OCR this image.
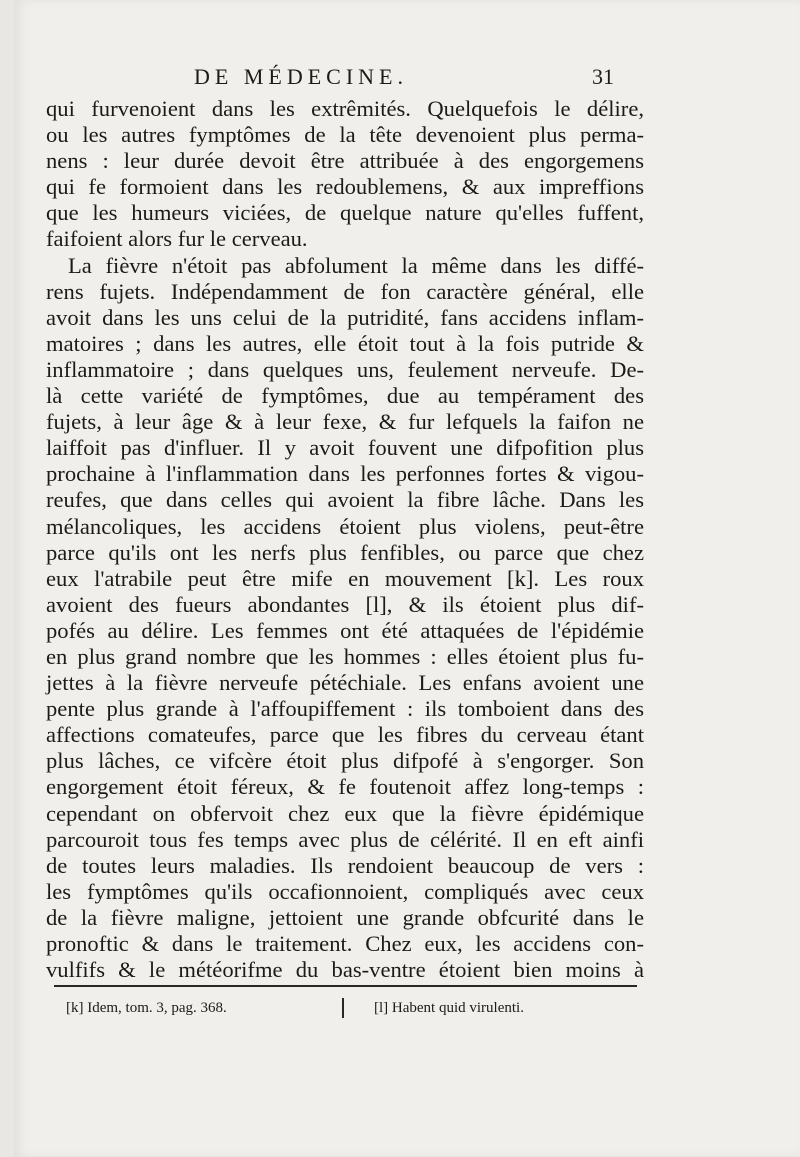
DE MÉDECINE.	31
qui furvenoient dans les extrêmités. Quelquefois le délire,
ou les autres fymptômes de la tête devenoient plus perma-
nens : leur durée devoit être attribuée à des engorgemens
qui fe formoient dans les redoublemens, & aux impreffions
que les humeurs viciées, de quelque nature qu'elles fuffent,
faifoient alors fur le cerveau.
La fièvre n'étoit pas abfolument la même dans les diffé-
rens fujets. Indépendamment de fon caractère général, elle
avoit dans les uns celui de la putridité, fans accidens inflam-
matoires ; dans les autres, elle étoit tout à la fois putride &
inflammatoire ; dans quelques uns, feulement nerveufe. De-
là cette variété de fymptômes, due au tempérament des
fujets, à leur âge & à leur fexe, & fur lefquels la faifon ne
laiffoit pas d'influer. Il y avoit fouvent une difpofition plus
prochaine à l'inflammation dans les perfonnes fortes & vigou-
reufes, que dans celles qui avoient la fibre lâche. Dans les
mélancoliques, les accidens étoient plus violens, peut-être
parce qu'ils ont les nerfs plus fenfibles, ou parce que chez
eux l'atrabile peut être mife en mouvement [k]. Les roux
avoient des fueurs abondantes [l], & ils étoient plus dif-
pofés au délire. Les femmes ont été attaquées de l'épidémie
en plus grand nombre que les hommes : elles étoient plus fu-
jettes à la fièvre nerveufe pétéchiale. Les enfans avoient une
pente plus grande à l'affoupiffement : ils tomboient dans des
affections comateufes, parce que les fibres du cerveau étant
plus lâches, ce vifcère étoit plus difpofé à s'engorger. Son
engorgement étoit féreux, & fe foutenoit affez long-temps :
cependant on obfervoit chez eux que la fièvre épidémique
parcouroit tous fes temps avec plus de célérité. Il en eft ainfi
de toutes leurs maladies. Ils rendoient beaucoup de vers :
les fymptômes qu'ils occafionnoient, compliqués avec ceux
de la fièvre maligne, jettoient une grande obfcurité dans le
pronoftic & dans le traitement. Chez eux, les accidens con-
vulfifs & le météorifme du bas-ventre étoient bien moins à
[k] Idem, tom. 3, pag. 368.	[l] Habent quid virulenti.
